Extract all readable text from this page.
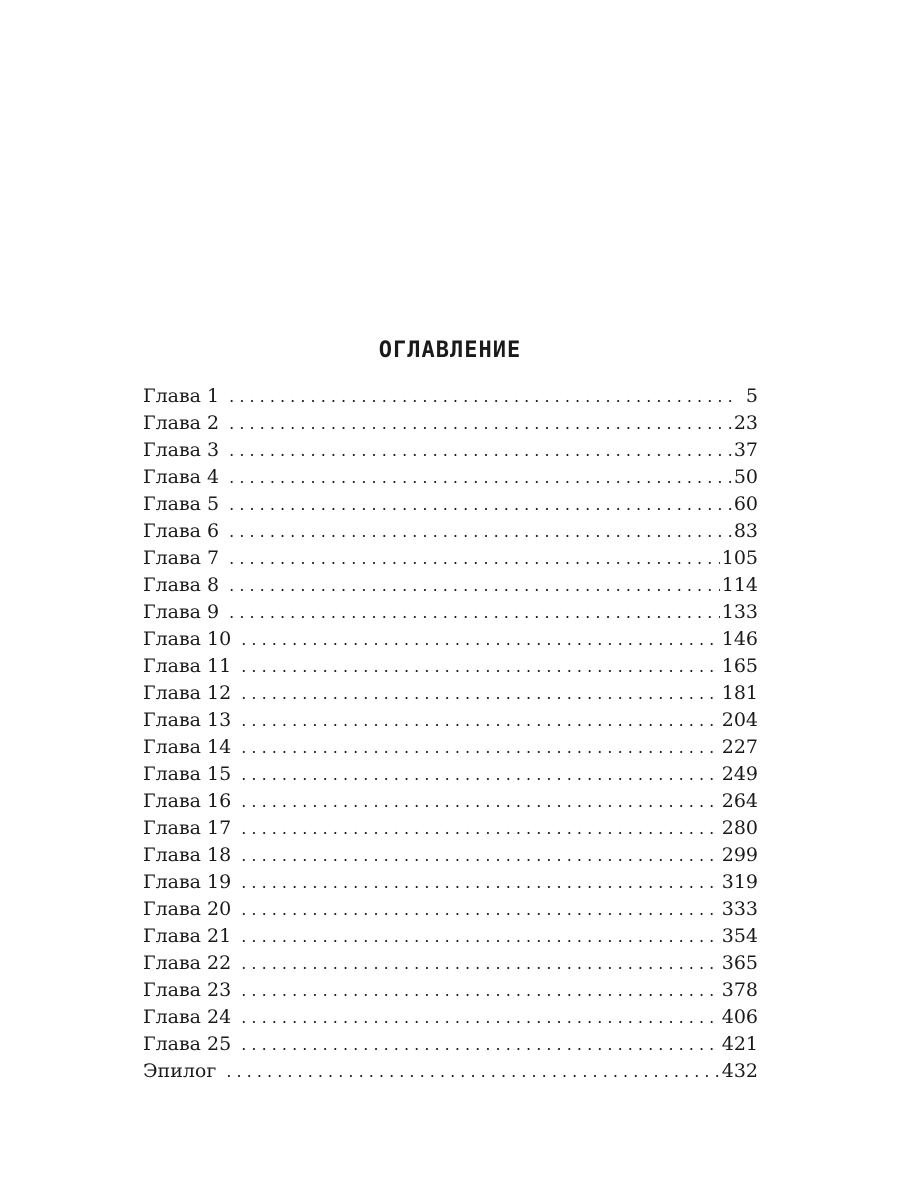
ОГЛАВЛЕНИЕ
Глава 1 . . .	5
Глава 2 . . .	23
Глава 3 . . .	37
Глава 4 . . .	50
Глава 5 . . .	60
Глава 6 . . .	83
Глава 7 . . .	105
Глава 8 . . .	114
Глава 9 . . .	133
Глава 10 . . .	146
Глава 11 . . .	165
Глава 12 . . .	181
Глава 13 . . .	204
Глава 14 . . .	227
Глава 15 . . .	249
Глава 16 . . .	264
Глава 17 . . .	280
Глава 18 . . .	299
Глава 19 . . .	319
Глава 20 . . .	333
Глава 21 . . .	354
Глава 22 . . .	365
Глава 23 . . .	378
Глава 24 . . .	406
Глава 25 . . .	421
Эпилог . . .	432
